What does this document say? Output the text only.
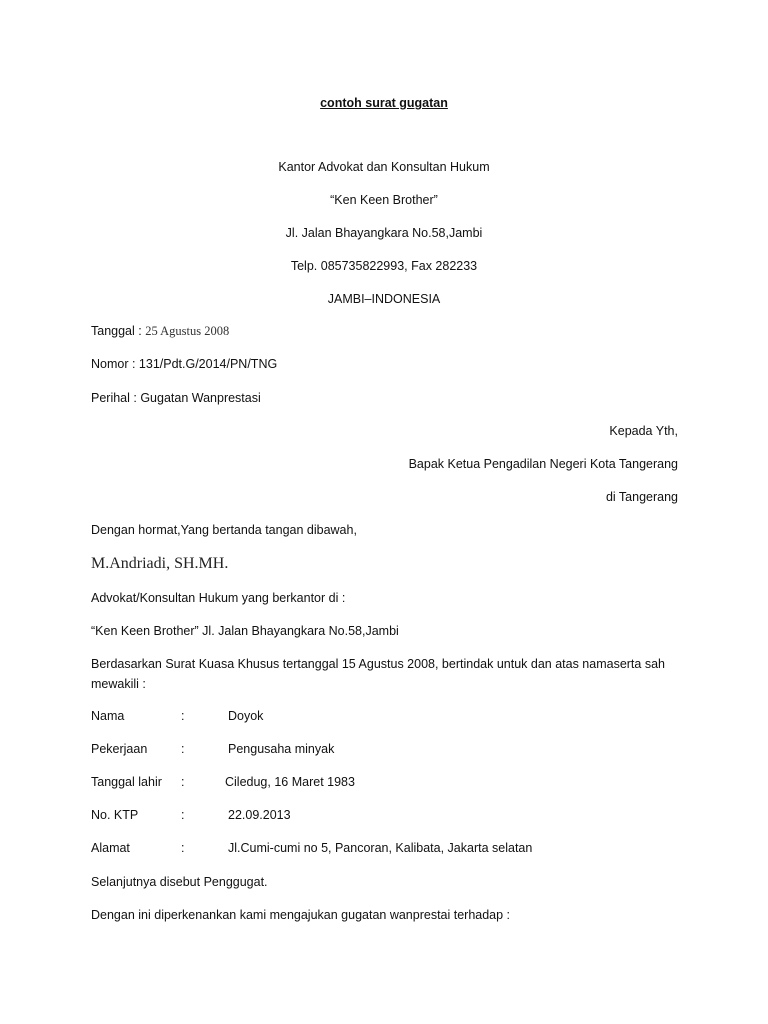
contoh surat gugatan
Kantor Advokat dan Konsultan Hukum
“Ken Keen Brother”
Jl. Jalan Bhayangkara No.58,Jambi
Telp. 085735822993, Fax 282233
JAMBI–INDONESIA
Tanggal : 25 Agustus 2008
Nomor : 131/Pdt.G/2014/PN/TNG
Perihal : Gugatan Wanprestasi
Kepada Yth,
Bapak Ketua Pengadilan Negeri Kota Tangerang
di Tangerang
Dengan hormat,Yang bertanda tangan dibawah,
M.Andriadi, SH.MH.
Advokat/Konsultan Hukum yang berkantor di :
“Ken Keen Brother” Jl. Jalan Bhayangkara No.58,Jambi
Berdasarkan Surat Kuasa Khusus tertanggal 15 Agustus 2008, bertindak untuk dan atas namaserta sah mewakili :
Nama	:	Doyok
Pekerjaan	:	Pengusaha minyak
Tanggal lahir :	Ciledug, 16 Maret 1983
No. KTP	:	22.09.2013
Alamat	:	Jl.Cumi-cumi no 5, Pancoran, Kalibata, Jakarta selatan
Selanjutnya disebut Penggugat.
Dengan ini diperkenankan kami mengajukan gugatan wanprestai terhadap :
